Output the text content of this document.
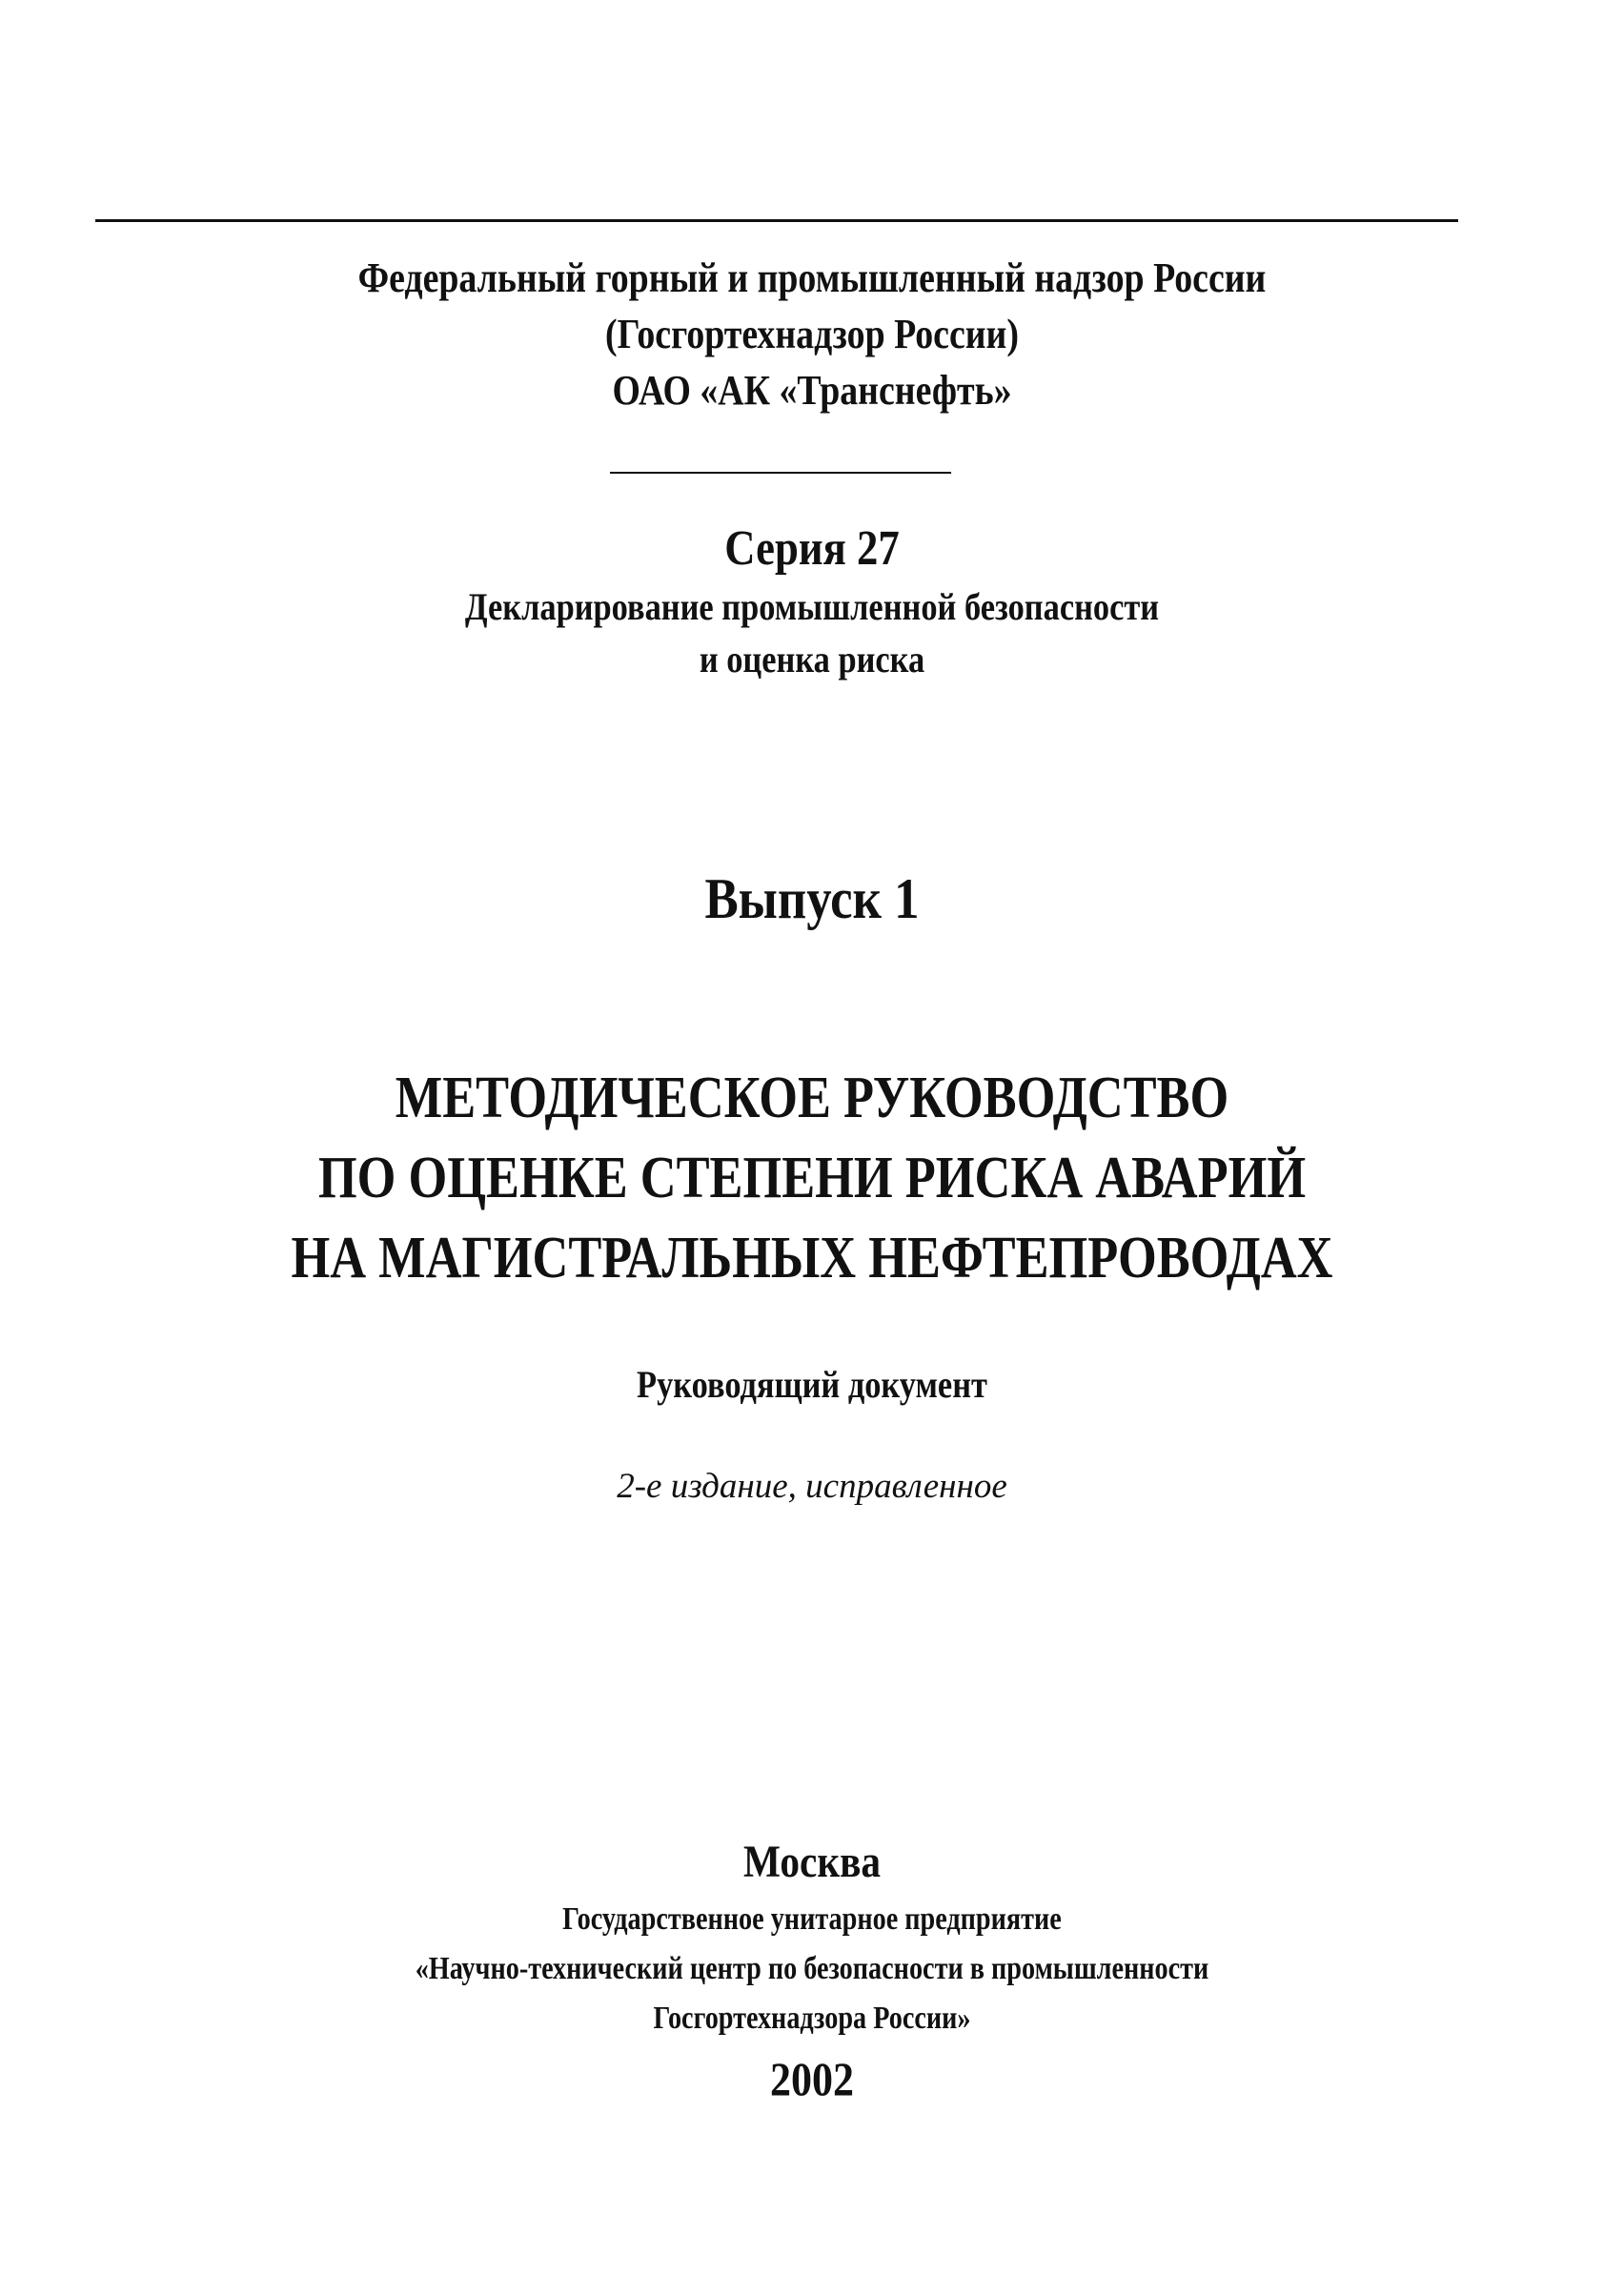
Федеральный горный и промышленный надзор России
(Госгортехнадзор России)
ОАО «АК «Транснефть»
Серия 27
Декларирование промышленной безопасности
и оценка риска
Выпуск 1
МЕТОДИЧЕСКОЕ РУКОВОДСТВО
ПО ОЦЕНКЕ СТЕПЕНИ РИСКА АВАРИЙ
НА МАГИСТРАЛЬНЫХ НЕФТЕПРОВОДАХ
Руководящий документ
2-е издание, исправленное
Москва
Государственное унитарное предприятие
«Научно-технический центр по безопасности в промышленности
Госгортехнадзора России»
2002
